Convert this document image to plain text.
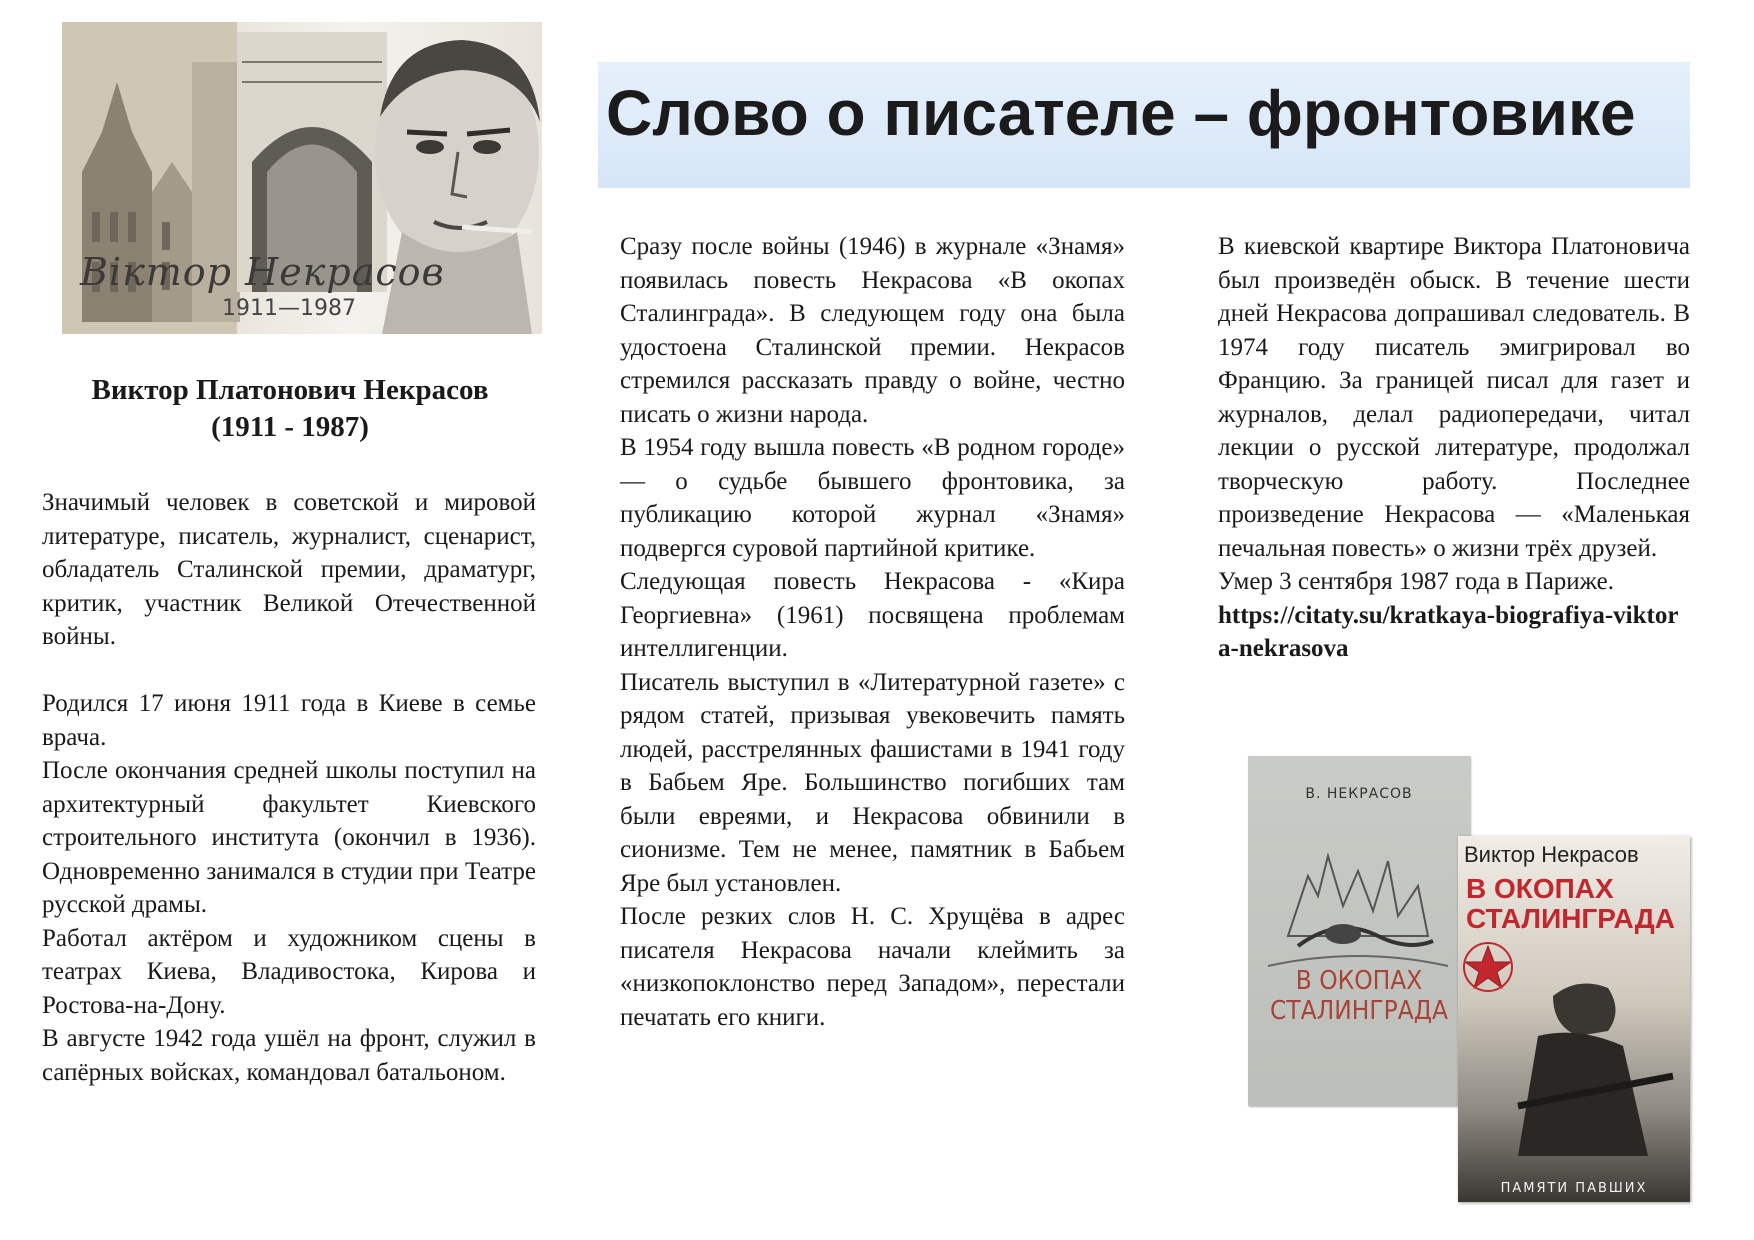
Віктор Некрасов
1911—1987
Слово о писателе – фронтовике
Виктор Платонович Некрасов
(1911 - 1987)

Значимый человек в советской и мировой литературе, писатель, журналист, сценарист, обладатель Сталинской премии, драматург, критик, участник Великой Отечественной войны.

Родился 17 июня 1911 года в Киеве в семье врача.

После окончания средней школы поступил на архитектурный факультет Киевского строительного института (окончил в 1936). Одновременно занимался в студии при Театре русской драмы.

Работал актёром и художником сцены в театрах Киева, Владивостока, Кирова и Ростова-на-Дону.

В августе 1942 года ушёл на фронт, служил в сапёрных войсках, командовал батальоном.

Сразу после войны (1946) в журнале «Знамя» появилась повесть Некрасова «В окопах Сталинграда». В следующем году она была удостоена Сталинской премии. Некрасов стремился рассказать правду о войне, честно писать о жизни народа.

В 1954 году вышла повесть «В родном городе» — о судьбе бывшего фронтовика, за публикацию которой журнал «Знамя» подвергся суровой партийной критике.

Следующая повесть Некрасова - «Кира Георгиевна» (1961) посвящена проблемам интеллигенции.

Писатель выступил в «Литературной газете» с рядом статей, призывая увековечить память людей, расстрелянных фашистами в 1941 году в Бабьем Яре. Большинство погибших там были евреями, и Некрасова обвинили в сионизме. Тем не менее, памятник в Бабьем Яре был установлен.

После резких слов Н. С. Хрущёва в адрес писателя Некрасова начали клеймить за «низкопоклонство перед Западом», перестали печатать его книги.

В киевской квартире Виктора Платоновича был произведён обыск. В течение шести дней Некрасова допрашивал следователь. В 1974 году писатель эмигрировал во Францию. За границей писал для газет и журналов, делал радиопередачи, читал лекции о русской литературе, продолжал творческую работу. Последнее произведение Некрасова — «Маленькая печальная повесть» о жизни трёх друзей.

Умер 3 сентября 1987 года в Париже.

https://citaty.su/kratkaya-biografiya-viktora-nekrasova

В. НЕКРАСОВ
В ОКОПАХ СТАЛИНГРАДА
Виктор Некрасов
В ОКОПАХ СТАЛИНГРАДА
ПАМЯТИ ПАВШИХ
